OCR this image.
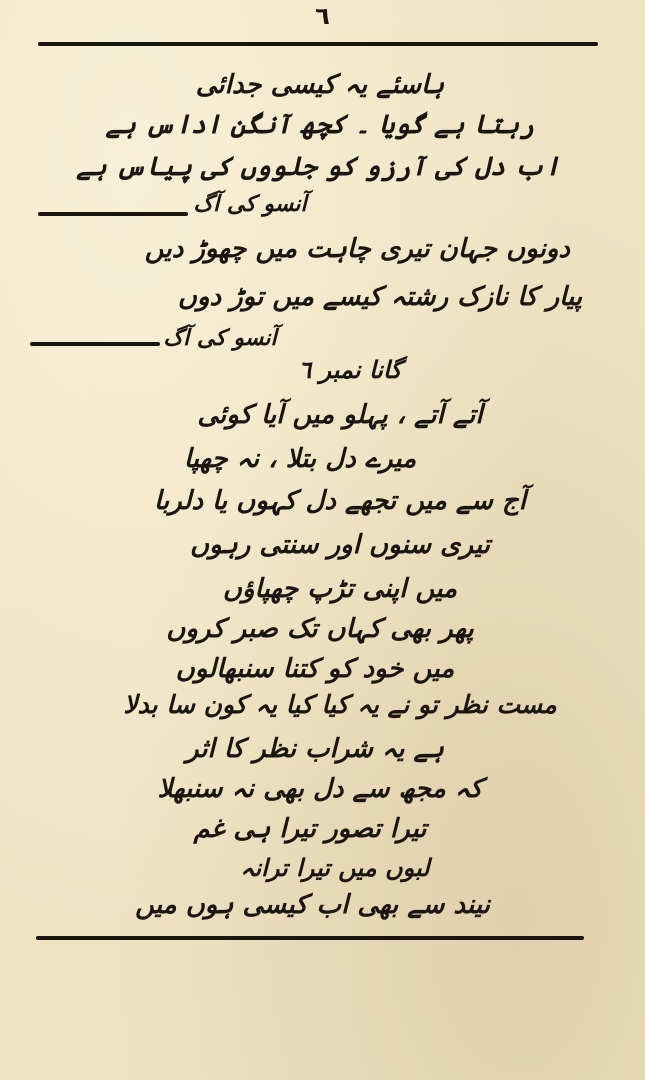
٦
ہاسئے یہ کیسی جدائی
رہتا ہے گویا ۔ کچھ آنگن اداس ہے
اب دل کی آرزو کو جلووں کی پیاس ہے
آنسو کی آگ
دونوں جہان تیری چاہت میں چھوڑ دیں
پیار کا نازک رشتہ کیسے میں توڑ دوں
آنسو کی آگ
گانا نمبر ٦
آتے آتے ، پہلو میں آیا کوئی
میرے دل بتلا ، نہ چھپا
آج سے میں تجھے دل کہوں یا دلربا
تیری سنوں اور سنتی رہوں
میں اپنی تڑپ چھپاؤں
پھر بھی کہاں تک صبر کروں
میں خود کو کتنا سنبھالوں
مست نظر تو نے یہ کیا کیا یہ کون سا بدلا
ہے یہ شراب نظر کا اثر
کہ مجھ سے دل بھی نہ سنبھلا
تیرا تصور تیرا ہی غم
لبوں میں تیرا ترانہ
نیند سے بھی اب کیسی ہوں میں
